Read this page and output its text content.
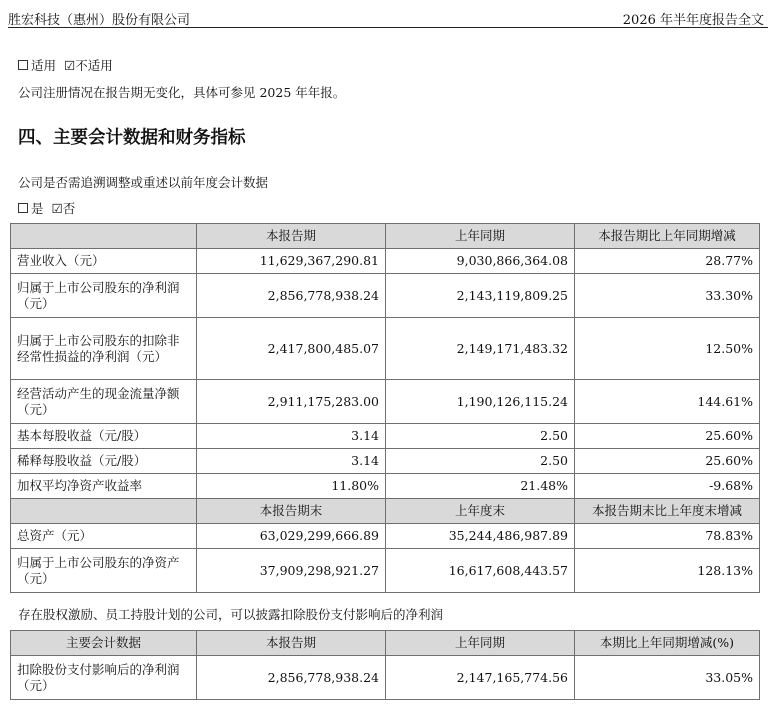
胜宏科技（惠州）股份有限公司	2026 年半年度报告全文
适用 ☑不适用
公司注册情况在报告期无变化，具体可参见 2025 年年报。
四、主要会计数据和财务指标
公司是否需追溯调整或重述以前年度会计数据
是 ☑否
	本报告期	上年同期	本报告期比上年同期增减
营业收入（元）	11,629,367,290.81	9,030,866,364.08	28.77%
归属于上市公司股东的净利润（元）	2,856,778,938.24	2,143,119,809.25	33.30%
归属于上市公司股东的扣除非经常性损益的净利润（元）	2,417,800,485.07	2,149,171,483.32	12.50%
经营活动产生的现金流量净额（元）	2,911,175,283.00	1,190,126,115.24	144.61%
基本每股收益（元/股）	3.14	2.50	25.60%
稀释每股收益（元/股）	3.14	2.50	25.60%
加权平均净资产收益率	11.80%	21.48%	-9.68%
	本报告期末	上年度末	本报告期末比上年度末增减
总资产（元）	63,029,299,666.89	35,244,486,987.89	78.83%
归属于上市公司股东的净资产（元）	37,909,298,921.27	16,617,608,443.57	128.13%
存在股权激励、员工持股计划的公司，可以披露扣除股份支付影响后的净利润
主要会计数据	本报告期	上年同期	本期比上年同期增减(%)
扣除股份支付影响后的净利润（元）	2,856,778,938.24	2,147,165,774.56	33.05%
